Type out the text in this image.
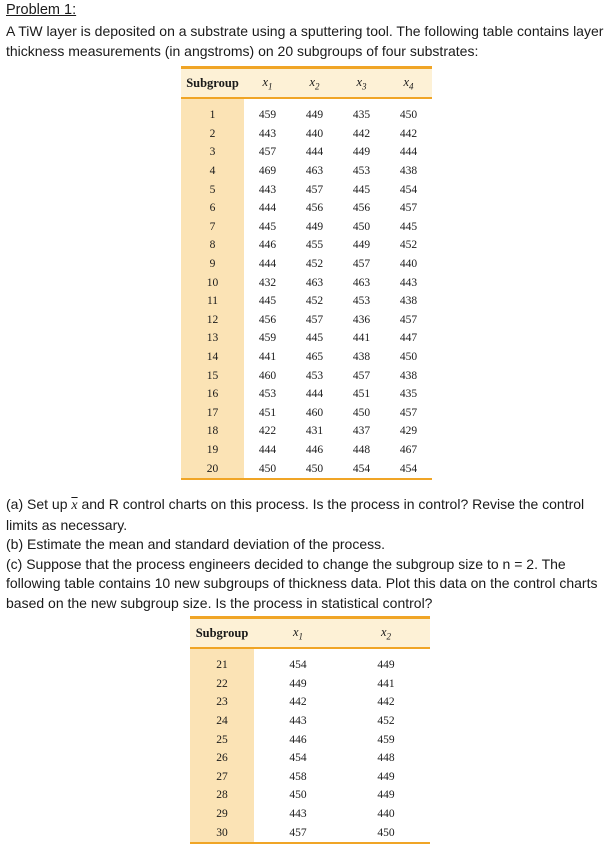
Problem 1:
A TiW layer is deposited on a substrate using a sputtering tool. The following table contains layer thickness measurements (in angstroms) on 20 subgroups of four substrates:
Subgroup	$x_1$	$x_2$	$x_3$	$x_4$
1	459	449	435	450
2	443	440	442	442
3	457	444	449	444
4	469	463	453	438
5	443	457	445	454
6	444	456	456	457
7	445	449	450	445
8	446	455	449	452
9	444	452	457	440
10	432	463	463	443
11	445	452	453	438
12	456	457	436	457
13	459	445	441	447
14	441	465	438	450
15	460	453	457	438
16	453	444	451	435
17	451	460	450	457
18	422	431	437	429
19	444	446	448	467
20	450	450	454	454

(a) Set up $\overline{x}$ and R control charts on this process. Is the process in control? Revise the control limits as necessary.

(b) Estimate the mean and standard deviation of the process.

(c) Suppose that the process engineers decided to change the subgroup size to n = 2. The following table contains 10 new subgroups of thickness data. Plot this data on the control charts based on the new subgroup size. Is the process in statistical control?

Subgroup	$x_1$	$x_2$
21	454	449
22	449	441
23	442	442
24	443	452
25	446	459
26	454	448
27	458	449
28	450	449
29	443	440
30	457	450
